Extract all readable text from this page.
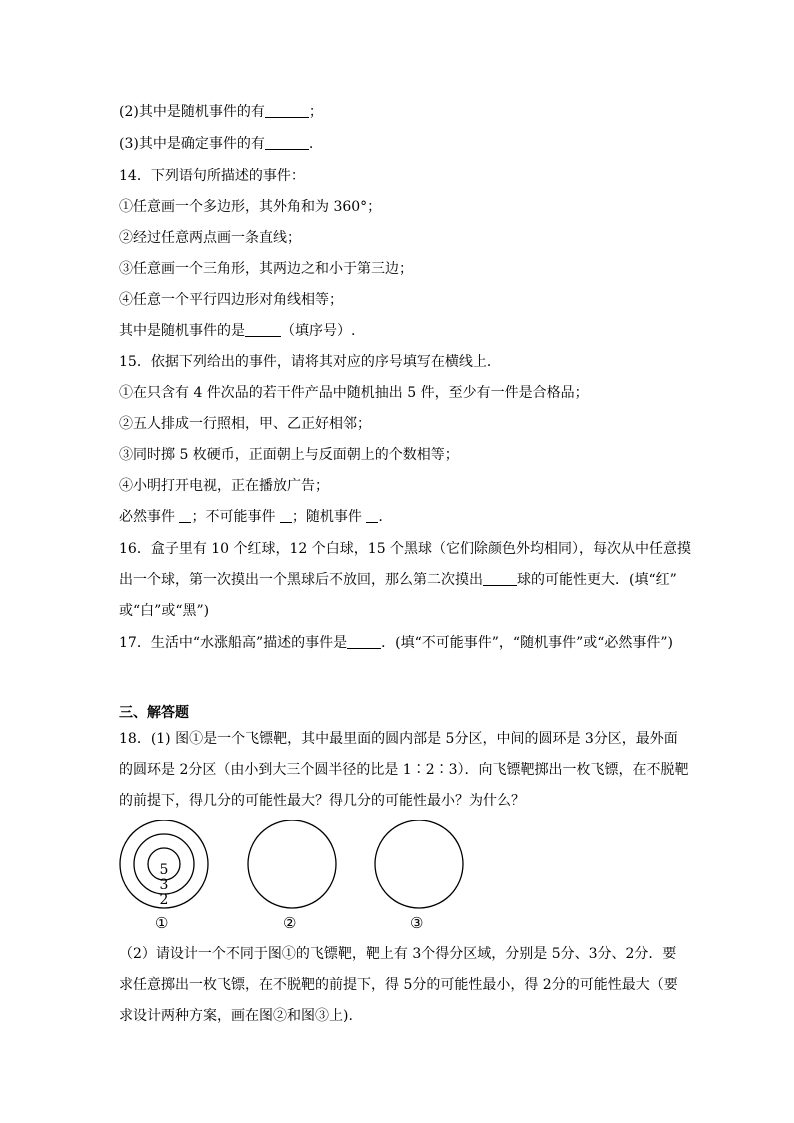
(2)其中是随机事件的有	；
(3)其中是确定事件的有	.
14．下列语句所描述的事件：
①任意画一个多边形，其外角和为 360°；
②经过任意两点画一条直线；
③任意画一个三角形，其两边之和小于第三边；
④任意一个平行四边形对角线相等；
其中是随机事件的是	（填序号）.
15．依据下列给出的事件，请将其对应的序号填写在横线上．
①在只含有 4 件次品的若干件产品中随机抽出 5 件，至少有一件是合格品；
②五人排成一行照相，甲、乙正好相邻；
③同时掷 5 枚硬币，正面朝上与反面朝上的个数相等；
④小明打开电视，正在播放广告；
必然事件 ；不可能事件 ；随机事件 .
16．盒子里有 10 个红球，12 个白球，15 个黑球（它们除颜色外均相同），每次从中任意摸
出一个球，第一次摸出一个黑球后不放回，那么第二次摸出 球的可能性更大．(填“红”
或“白”或“黑”)
17．生活中“水涨船高”描述的事件是 ．(填“不可能事件”，“随机事件”或“必然事件”)
三、解答题
18．(1) 图①是一个飞镖靶，其中最里面的圆内部是 5分区，中间的圆环是 3分区，最外面
的圆环是 2分区（由小到大三个圆半径的比是 1∶2∶3）．向飞镖靶掷出一枚飞镖，在不脱靶
的前提下，得几分的可能性最大？得几分的可能性最小？为什么？
5
3
2
①	②	③
（2）请设计一个不同于图①的飞镖靶，靶上有 3个得分区域，分别是 5分、3分、2分．要
求任意掷出一枚飞镖，在不脱靶的前提下，得 5分的可能性最小，得 2分的可能性最大（要
求设计两种方案，画在图②和图③上).
